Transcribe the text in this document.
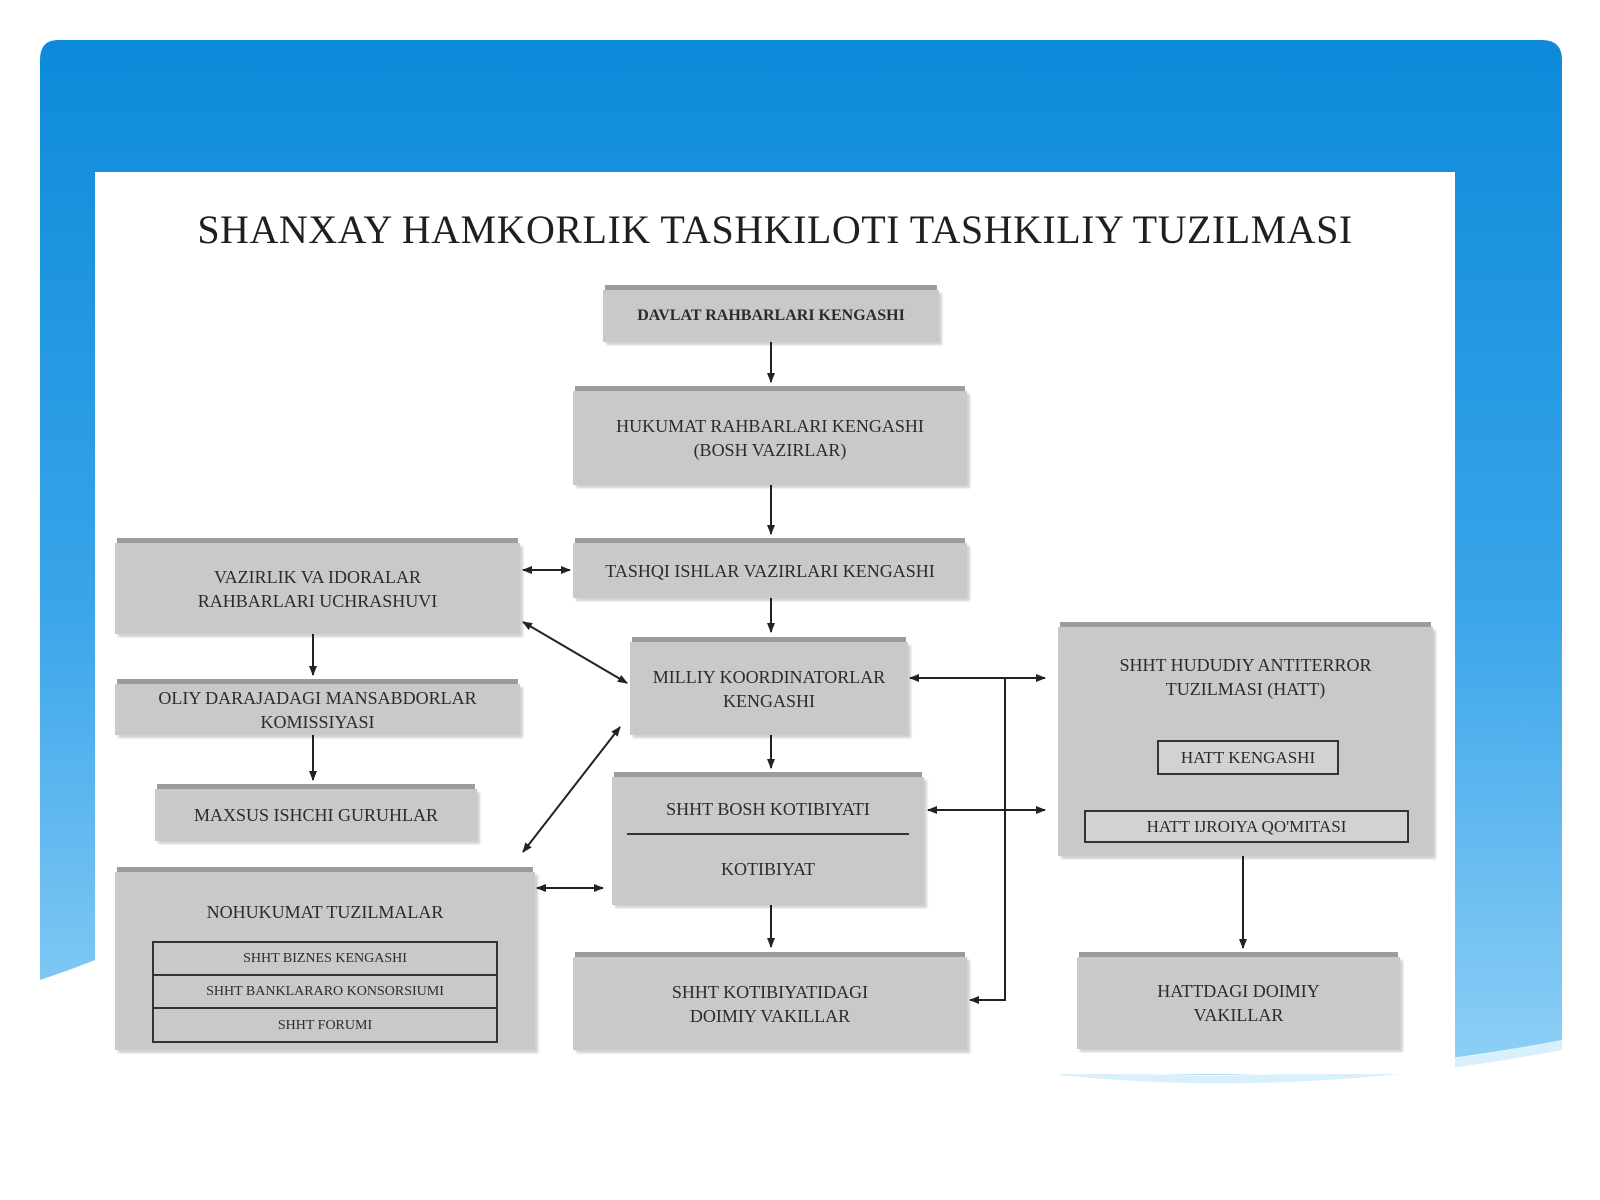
SHANXAY HAMKORLIK TASHKILOTI TASHKILIY TUZILMASI
DAVLAT RAHBARLARI KENGASHI
HUKUMAT RAHBARLARI KENGASHI
(BOSH VAZIRLAR)
TASHQI ISHLAR VAZIRLARI KENGASHI
VAZIRLIK VA IDORALAR
RAHBARLARI UCHRASHUVI
OLIY DARAJADAGI MANSABDORLAR
KOMISSIYASI
MAXSUS ISHCHI GURUHLAR
MILLIY KOORDINATORLAR
KENGASHI
SHHT BOSH KOTIBIYATI
KOTIBIYAT
NOHUKUMAT TUZILMALAR
SHHT BIZNES KENGASHI
SHHT BANKLARARO KONSORSIUMI
SHHT FORUMI
SHHT KOTIBIYATIDAGI
DOIMIY VAKILLAR
SHHT HUDUDIY ANTITERROR
TUZILMASI (HATT)
HATT KENGASHI
HATT IJROIYA QO'MITASI
HATTDAGI DOIMIY
VAKILLAR
